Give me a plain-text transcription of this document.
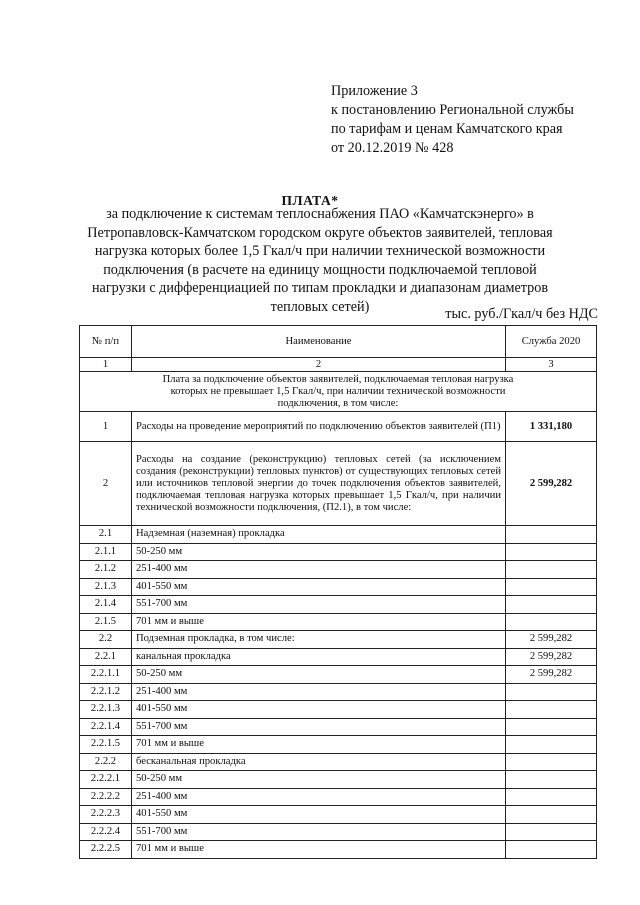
Приложение 3
к постановлению Региональной службы
по тарифам и ценам Камчатского края
от 20.12.2019 № 428
ПЛАТА*
за подключение к системам теплоснабжения ПАО «Камчатскэнерго» в Петропавловск-Камчатском городском округе объектов заявителей, тепловая нагрузка которых более 1,5 Гкал/ч при наличии технической возможности подключения (в расчете на единицу мощности подключаемой тепловой нагрузки с дифференциацией по типам прокладки и диапазонам диаметров тепловых сетей)	тыс. руб./Гкал/ч без НДС
№ п/п	Наименование	Служба 2020
1	2	3
Плата за подключение объектов заявителей, подключаемая тепловая нагрузка которых не превышает 1,5 Гкал/ч, при наличии технической возможности подключения, в том числе:		
1	Расходы на проведение мероприятий по подключению объектов заявителей (П1)	1 331,180
2	Расходы на создание (реконструкцию) тепловых сетей (за исключением создания (реконструкции) тепловых пунктов) от существующих тепловых сетей или источников тепловой энергии до точек подключения объектов заявителей, подключаемая тепловая нагрузка которых превышает 1,5 Гкал/ч, при наличии технической возможности подключения, (П2.1), в том числе:	2 599,282
2.1	Надземная (наземная) прокладка	
2.1.1	50-250 мм	
2.1.2	251-400 мм	
2.1.3	401-550 мм	
2.1.4	551-700 мм	
2.1.5	701 мм и выше	
2.2	Подземная прокладка, в том числе:	2 599,282
2.2.1	канальная прокладка	2 599,282
2.2.1.1	50-250 мм	2 599,282
2.2.1.2	251-400 мм	
2.2.1.3	401-550 мм	
2.2.1.4	551-700 мм	
2.2.1.5	701 мм и выше	
2.2.2	бесканальная прокладка	
2.2.2.1	50-250 мм	
2.2.2.2	251-400 мм	
2.2.2.3	401-550 мм	
2.2.2.4	551-700 мм	
2.2.2.5	701 мм и выше	
